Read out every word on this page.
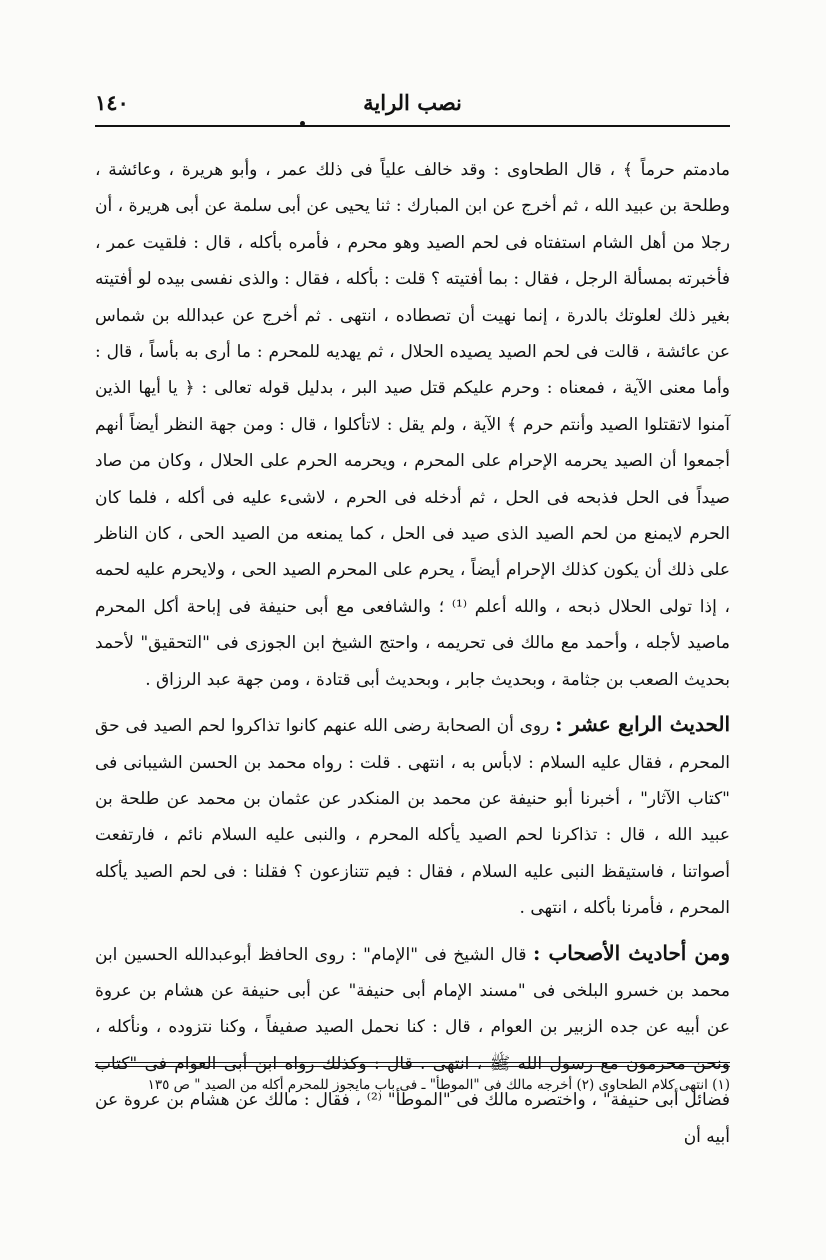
نصب الراية
١٤٠

مادمتم حرماً ﴾ ، قال الطحاوى : وقد خالف علياً فى ذلك عمر ، وأبو هريرة ، وعائشة ، وطلحة بن عبيد الله ، ثم أخرج عن ابن المبارك : ثنا يحيى عن أبى سلمة عن أبى هريرة ، أن رجلا من أهل الشام استفتاه فى لحم الصيد وهو محرم ، فأمره بأكله ، قال : فلقيت عمر ، فأخبرته بمسألة الرجل ، فقال : بما أفتيته ؟ قلت : بأكله ، فقال : والذى نفسى بيده لو أفتيته بغير ذلك لعلوتك بالدرة ، إنما نهيت أن تصطاده ، انتهى . ثم أخرج عن عبدالله بن شماس عن عائشة ، قالت فى لحم الصيد يصيده الحلال ، ثم يهديه للمحرم : ما أرى به بأساً ، قال : وأما معنى الآية ، فمعناه : وحرم عليكم قتل صيد البر ، بدليل قوله تعالى : ﴿ يا أيها الذين آمنوا لاتقتلوا الصيد وأنتم حرم ﴾ الآية ، ولم يقل : لاتأكلوا ، قال : ومن جهة النظر أيضاً أنهم أجمعوا أن الصيد يحرمه الإحرام على المحرم ، ويحرمه الحرم على الحلال ، وكان من صاد صيداً فى الحل فذبحه فى الحل ، ثم أدخله فى الحرم ، لاشىء عليه فى أكله ، فلما كان الحرم لايمنع من لحم الصيد الذى صيد فى الحل ، كما يمنعه من الصيد الحى ، كان الناظر على ذلك أن يكون كذلك الإحرام أيضاً ، يحرم على المحرم الصيد الحى ، ولايحرم عليه لحمه ، إذا تولى الحلال ذبحه ، والله أعلم ⁽¹⁾ ؛ والشافعى مع أبى حنيفة فى إباحة أكل المحرم ماصيد لأجله ، وأحمد مع مالك فى تحريمه ، واحتج الشيخ ابن الجوزى فى "التحقيق" لأحمد بحديث الصعب بن جثامة ، وبحديث جابر ، وبحديث أبى قتادة ، ومن جهة عبد الرزاق .

الحديث الرابع عشر : روى أن الصحابة رضى الله عنهم كانوا تذاكروا لحم الصيد فى حق المحرم ، فقال عليه السلام : لابأس به ، انتهى . قلت : رواه محمد بن الحسن الشيبانى فى "كتاب الآثار" ، أخبرنا أبو حنيفة عن محمد بن المنكدر عن عثمان بن محمد عن طلحة بن عبيد الله ، قال : تذاكرنا لحم الصيد يأكله المحرم ، والنبى عليه السلام نائم ، فارتفعت أصواتنا ، فاستيقظ النبى عليه السلام ، فقال : فيم تتنازعون ؟ فقلنا : فى لحم الصيد يأكله المحرم ، فأمرنا بأكله ، انتهى .

ومن أحاديث الأصحاب : قال الشيخ فى "الإمام" : روى الحافظ أبوعبدالله الحسين ابن محمد بن خسرو البلخى فى "مسند الإمام أبى حنيفة" عن أبى حنيفة عن هشام بن عروة عن أبيه عن جده الزبير بن العوام ، قال : كنا نحمل الصيد صفيفاً ، وكنا نتزوده ، ونأكله ، ونحن محرمون مع رسول الله ﷺ ، انتهى . قال : وكذلك رواه ابن أبى العوام فى "كتاب فضائل أبى حنيفة" ، واختصره مالك فى "الموطأ" ⁽²⁾ ، فقال : مالك عن هشام بن عروة عن أبيه أن

(١) انتهى كلام الطحاوى (٢) أخرجه مالك فى "الموطأ" ـ فى باب مايجوز للمحرم أكله من الصيد " ص ١٣٥
